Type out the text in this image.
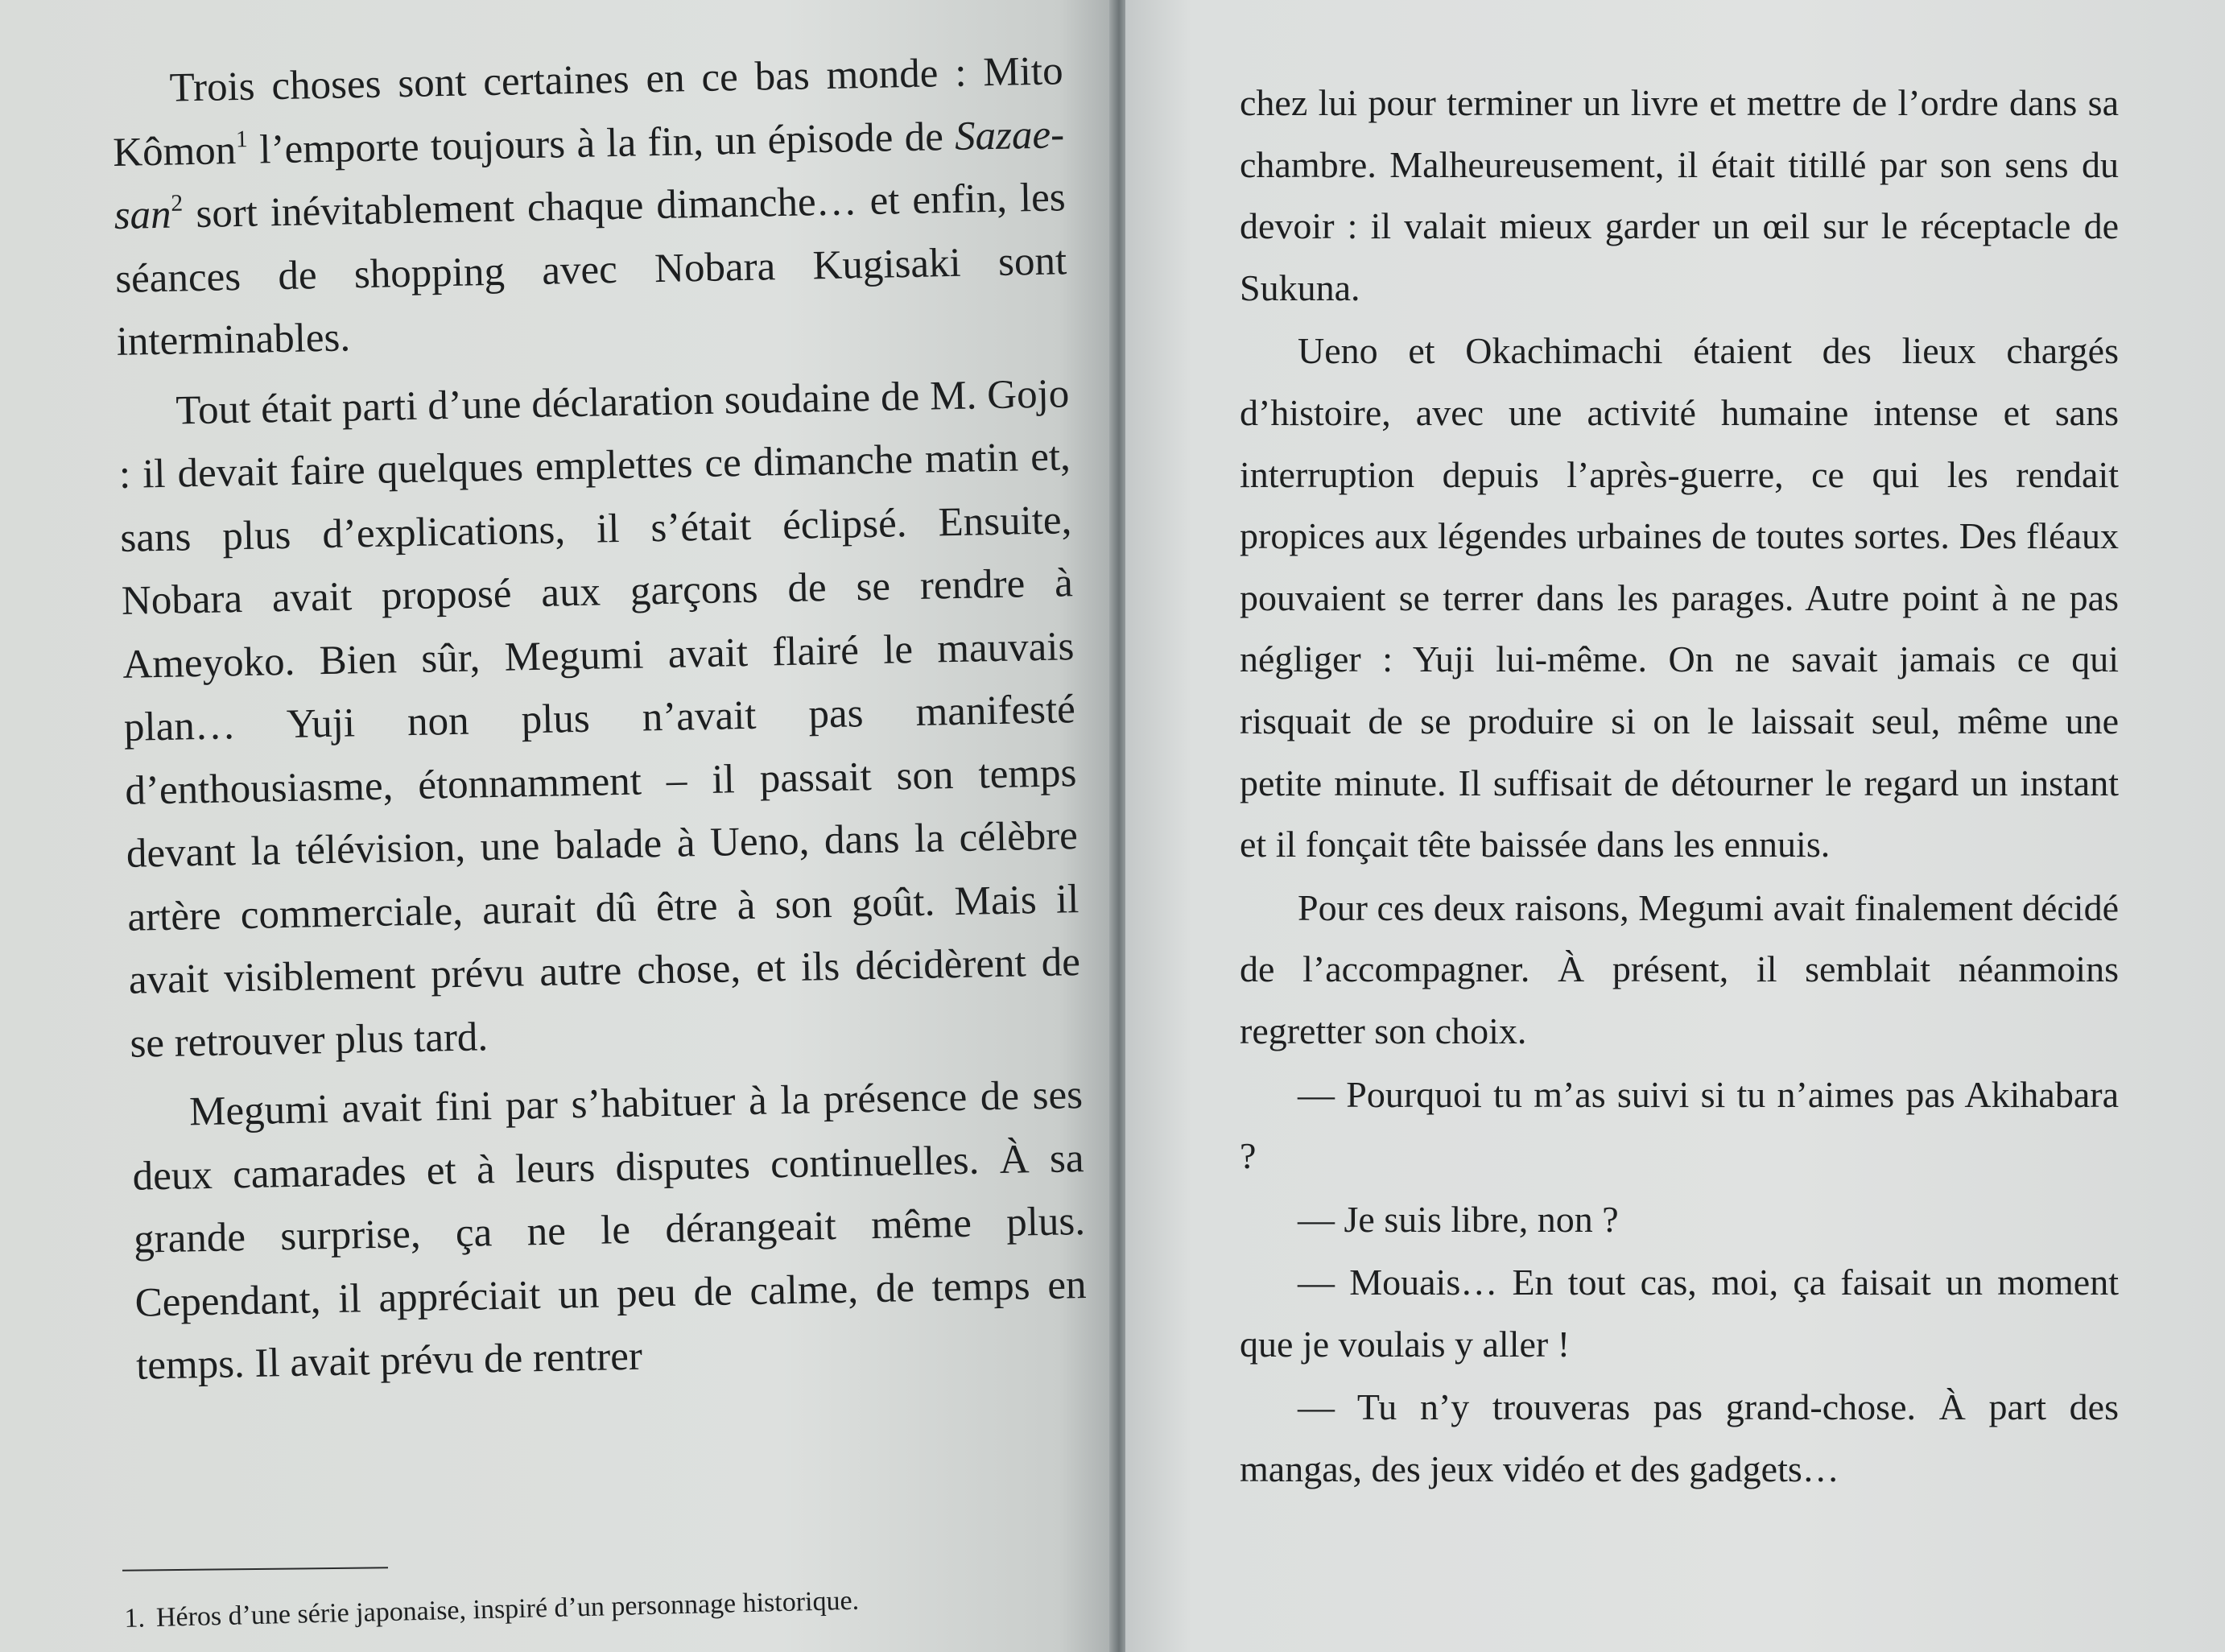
Trois choses sont certaines en ce bas monde : Mito Kômon$^1$ l’emporte toujours à la fin, un épisode de Sazae-san$^2$ sort inévitablement chaque dimanche… et enfin, les séances de shopping avec Nobara Kugisaki sont interminables.

Tout était parti d’une déclaration soudaine de M. Gojo : il devait faire quelques emplettes ce dimanche matin et, sans plus d’explications, il s’était éclipsé. Ensuite, Nobara avait proposé aux garçons de se rendre à Ameyoko. Bien sûr, Megumi avait flairé le mauvais plan… Yuji non plus n’avait pas manifesté d’enthousiasme, étonnamment – il passait son temps devant la télévision, une balade à Ueno, dans la célèbre artère commerciale, aurait dû être à son goût. Mais il avait visiblement prévu autre chose, et ils décidèrent de se retrouver plus tard.

Megumi avait fini par s’habituer à la présence de ses deux camarades et à leurs disputes continuelles. À sa grande surprise, ça ne le dérangeait même plus. Cependant, il appréciait un peu de calme, de temps en temps. Il avait prévu de rentrer

1. Héros d’une série japonaise, inspiré d’un personnage historique.

chez lui pour terminer un livre et mettre de l’ordre dans sa chambre. Malheureusement, il était titillé par son sens du devoir : il valait mieux garder un œil sur le réceptacle de Sukuna.

Ueno et Okachimachi étaient des lieux chargés d’histoire, avec une activité humaine intense et sans interruption depuis l’après-guerre, ce qui les rendait propices aux légendes urbaines de toutes sortes. Des fléaux pouvaient se terrer dans les parages. Autre point à ne pas négliger : Yuji lui-même. On ne savait jamais ce qui risquait de se produire si on le laissait seul, même une petite minute. Il suffisait de détourner le regard un instant et il fonçait tête baissée dans les ennuis.

Pour ces deux raisons, Megumi avait finalement décidé de l’accompagner. À présent, il semblait néanmoins regretter son choix.

— Pourquoi tu m’as suivi si tu n’aimes pas Akihabara ?

— Je suis libre, non ?

— Mouais… En tout cas, moi, ça faisait un moment que je voulais y aller !

— Tu n’y trouveras pas grand-chose. À part des mangas, des jeux vidéo et des gadgets…
